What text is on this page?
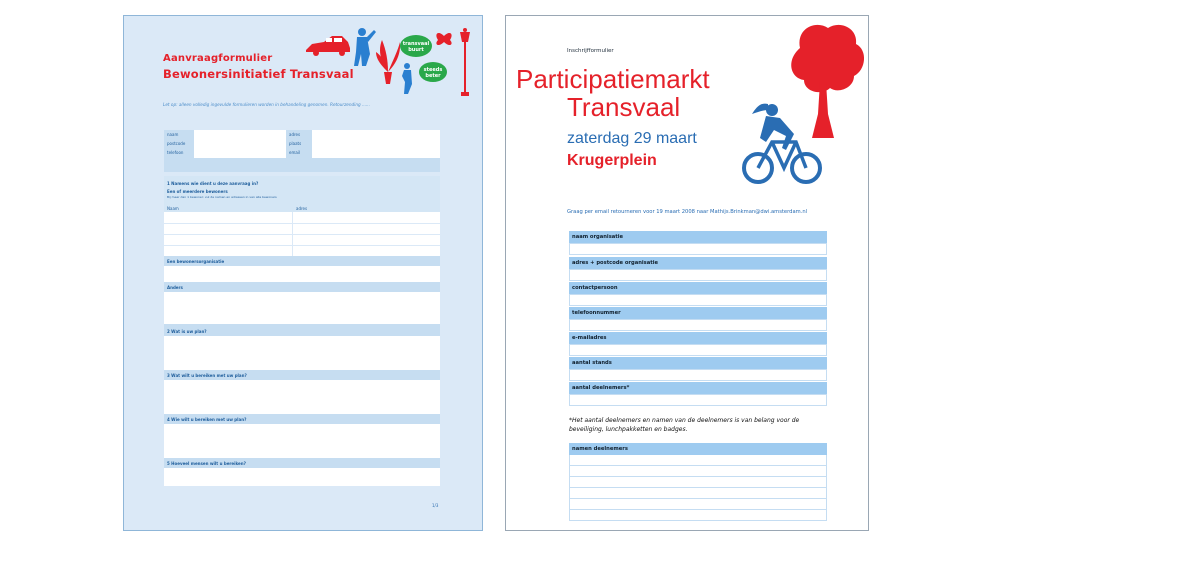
Aanvraagformulier
Bewonersinitiatief Transvaal
transvaal
buurt
steeds
beter
Let op: alleen volledig ingevulde formulieren worden in behandeling genomen. Retourzending ......
naam
postcode
telefoon
adres
plaats
email
1 Namens wie dient u deze aanvraag in?
Een of meerdere bewoners
Bij meer dan 1 bewoner: vul de namen en adressen in van alle bewoners
Naam	adres
Een bewonersorganisatie
Anders
2 Wat is uw plan?
3 Wat wilt u bereiken met uw plan?
4 Wie wilt u bereiken met uw plan?
5 Hoeveel mensen wilt u bereiken?
1/3
Inschrijfformulier
Participatiemarkt
Transvaal
zaterdag 29 maart
Krugerplein
Graag per email retourneren voor 19 maart 2008 naar Mathijs.Brinkman@dwi.amsterdam.nl
naam organisatie
adres + postcode organisatie
contactpersoon
telefoonnummer
e-mailadres
aantal stands
aantal deelnemers*
*Het aantal deelnemers en namen van de deelnemers is van belang voor de beveiliging, lunchpakketten en badges.
namen deelnemers
